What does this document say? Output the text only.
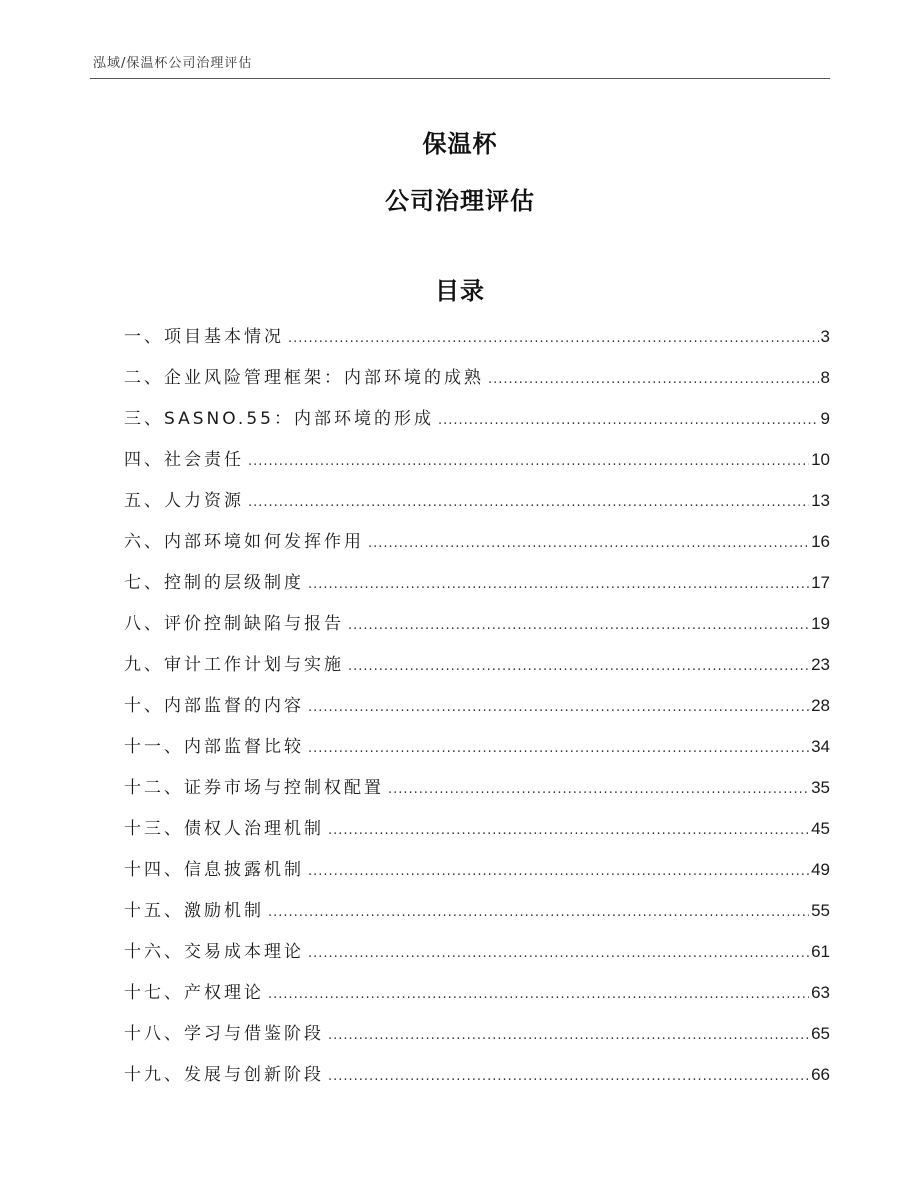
泓域/保温杯公司治理评估
保温杯
公司治理评估
目录
一、 项目基本情况 .....	3
二、 企业风险管理框架：内部环境的成熟 .....	8
三、 SASNO.55：内部环境的形成 .....	9
四、 社会责任 .....	10
五、 人力资源 .....	13
六、 内部环境如何发挥作用 .....	16
七、 控制的层级制度 .....	17
八、 评价控制缺陷与报告 .....	19
九、 审计工作计划与实施 .....	23
十、 内部监督的内容 .....	28
十一、 内部监督比较 .....	34
十二、 证券市场与控制权配置 .....	35
十三、 债权人治理机制 .....	45
十四、 信息披露机制 .....	49
十五、 激励机制 .....	55
十六、 交易成本理论 .....	61
十七、 产权理论 .....	63
十八、 学习与借鉴阶段 .....	65
十九、 发展与创新阶段 .....	66
